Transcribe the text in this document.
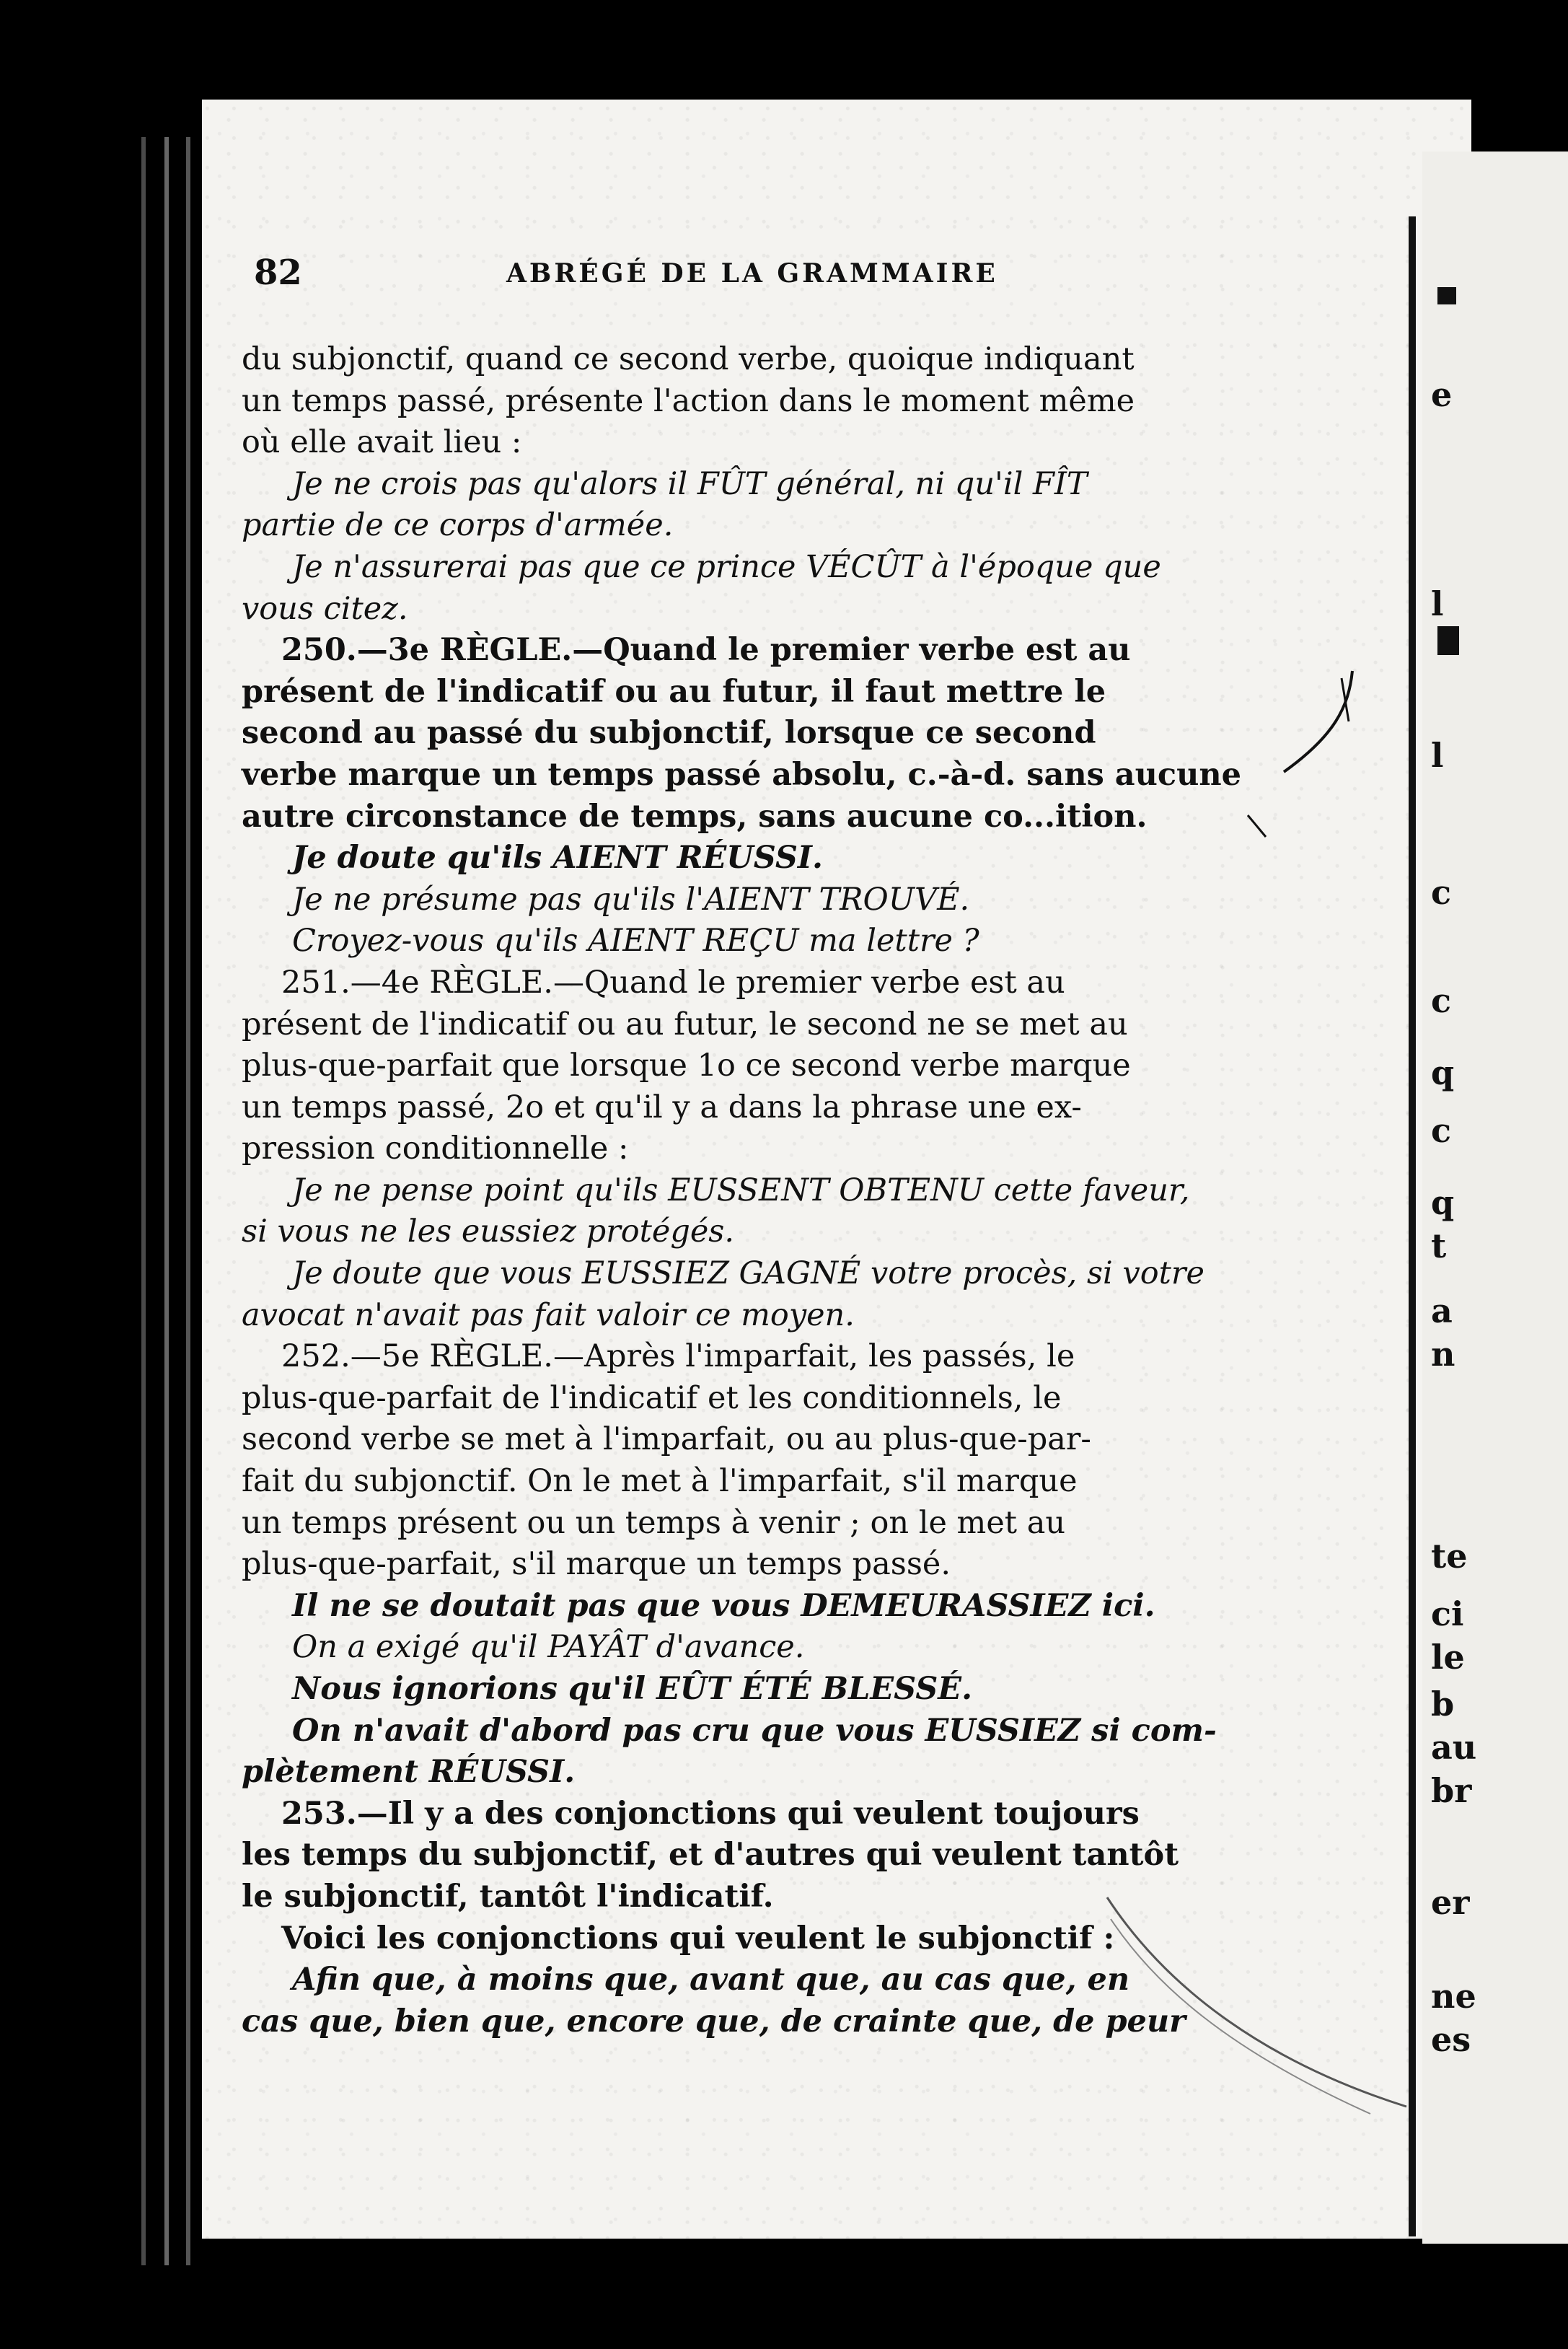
e
l
l
c
c
q
c
q
t
a
n
te
ci
le
b
au
br
er
ne
es
82	ABRÉGÉ DE LA GRAMMAIRE
du subjonctif, quand ce second verbe, quoique indiquant
un temps passé, présente l'action dans le moment même
où elle avait lieu :
Je ne crois pas qu'alors il FÛT général, ni qu'il FÎT
partie de ce corps d'armée.
Je n'assurerai pas que ce prince VÉCÛT à l'époque que
vous citez.
250.—3e RÈGLE.—Quand le premier verbe est au
présent de l'indicatif ou au futur, il faut mettre le
second au passé du subjonctif, lorsque ce second
verbe marque un temps passé absolu, c.-à-d. sans aucune
autre circonstance de temps, sans aucune co...ition.
Je doute qu'ils AIENT RÉUSSI.
Je ne présume pas qu'ils l'AIENT TROUVÉ.
Croyez-vous qu'ils AIENT REÇU ma lettre ?
251.—4e RÈGLE.—Quand le premier verbe est au
présent de l'indicatif ou au futur, le second ne se met au
plus-que-parfait que lorsque 1o ce second verbe marque
un temps passé, 2o et qu'il y a dans la phrase une ex-
pression conditionnelle :
Je ne pense point qu'ils EUSSENT OBTENU cette faveur,
si vous ne les eussiez protégés.
Je doute que vous EUSSIEZ GAGNÉ votre procès, si votre
avocat n'avait pas fait valoir ce moyen.
252.—5e RÈGLE.—Après l'imparfait, les passés, le
plus-que-parfait de l'indicatif et les conditionnels, le
second verbe se met à l'imparfait, ou au plus-que-par-
fait du subjonctif. On le met à l'imparfait, s'il marque
un temps présent ou un temps à venir ; on le met au
plus-que-parfait, s'il marque un temps passé.
Il ne se doutait pas que vous DEMEURASSIEZ ici.
On a exigé qu'il PAYÂT d'avance.
Nous ignorions qu'il EÛT ÉTÉ BLESSÉ.
On n'avait d'abord pas cru que vous EUSSIEZ si com-
plètement RÉUSSI.
253.—Il y a des conjonctions qui veulent toujours
les temps du subjonctif, et d'autres qui veulent tantôt
le subjonctif, tantôt l'indicatif.
Voici les conjonctions qui veulent le subjonctif :
Afin que, à moins que, avant que, au cas que, en
cas que, bien que, encore que, de crainte que, de peur
